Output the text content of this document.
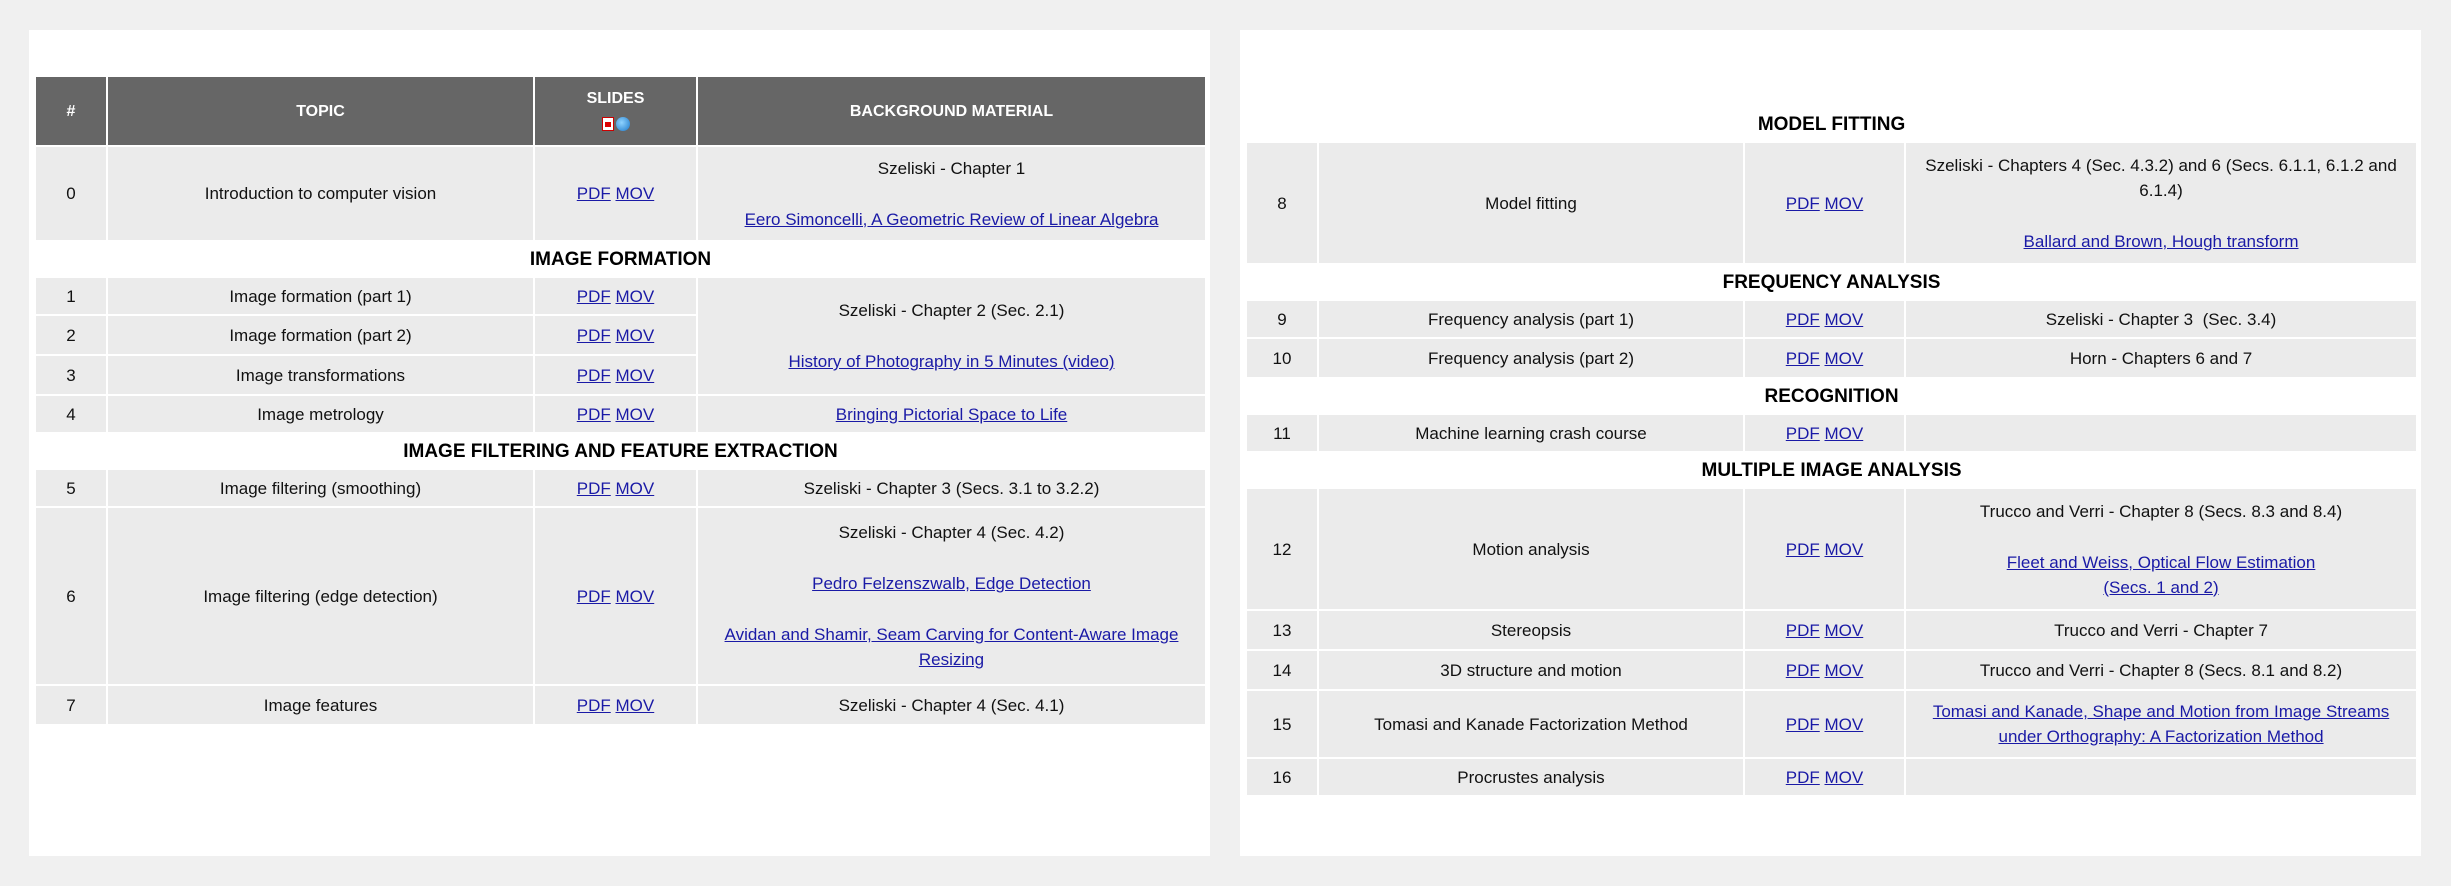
#	TOPIC	SLIDES	BACKGROUND MATERIAL
0	Introduction to computer vision	PDF MOV	Szeliski - Chapter 1

Eero Simoncelli, A Geometric Review of Linear Algebra

IMAGE FORMATION			
1	Image formation (part 1)	PDF MOV	Szeliski - Chapter 2 (Sec. 2.1)

History of Photography in 5 Minutes (video)

2	Image formation (part 2)	PDF MOV	
3	Image transformations	PDF MOV	
4	Image metrology	PDF MOV	Bringing Pictorial Space to Life
IMAGE FILTERING AND FEATURE EXTRACTION			
5	Image filtering (smoothing)	PDF MOV	Szeliski - Chapter 3 (Secs. 3.1 to 3.2.2)
6	Image filtering (edge detection)	PDF MOV	Szeliski - Chapter 4 (Sec. 4.2)

Pedro Felzenszwalb, Edge Detection

Avidan and Shamir, Seam Carving for Content-Aware Image Resizing

7	Image features	PDF MOV	Szeliski - Chapter 4 (Sec. 4.1)
MODEL FITTING			
8	Model fitting	PDF MOV	Szeliski - Chapters 4 (Sec. 4.3.2) and 6 (Secs. 6.1.1, 6.1.2 and 6.1.4)

Ballard and Brown, Hough transform

FREQUENCY ANALYSIS			
9	Frequency analysis (part 1)	PDF MOV	Szeliski - Chapter 3  (Sec. 3.4)
10	Frequency analysis (part 2)	PDF MOV	Horn - Chapters 6 and 7
RECOGNITION			
11	Machine learning crash course	PDF MOV	
MULTIPLE IMAGE ANALYSIS			
12	Motion analysis	PDF MOV	Trucco and Verri - Chapter 8 (Secs. 8.3 and 8.4)

Fleet and Weiss, Optical Flow Estimation
(Secs. 1 and 2)

13	Stereopsis	PDF MOV	Trucco and Verri - Chapter 7
14	3D structure and motion	PDF MOV	Trucco and Verri - Chapter 8 (Secs. 8.1 and 8.2)
15	Tomasi and Kanade Factorization Method	PDF MOV	Tomasi and Kanade, Shape and Motion from Image Streams under Orthography: A Factorization Method
16	Procrustes analysis	PDF MOV	
